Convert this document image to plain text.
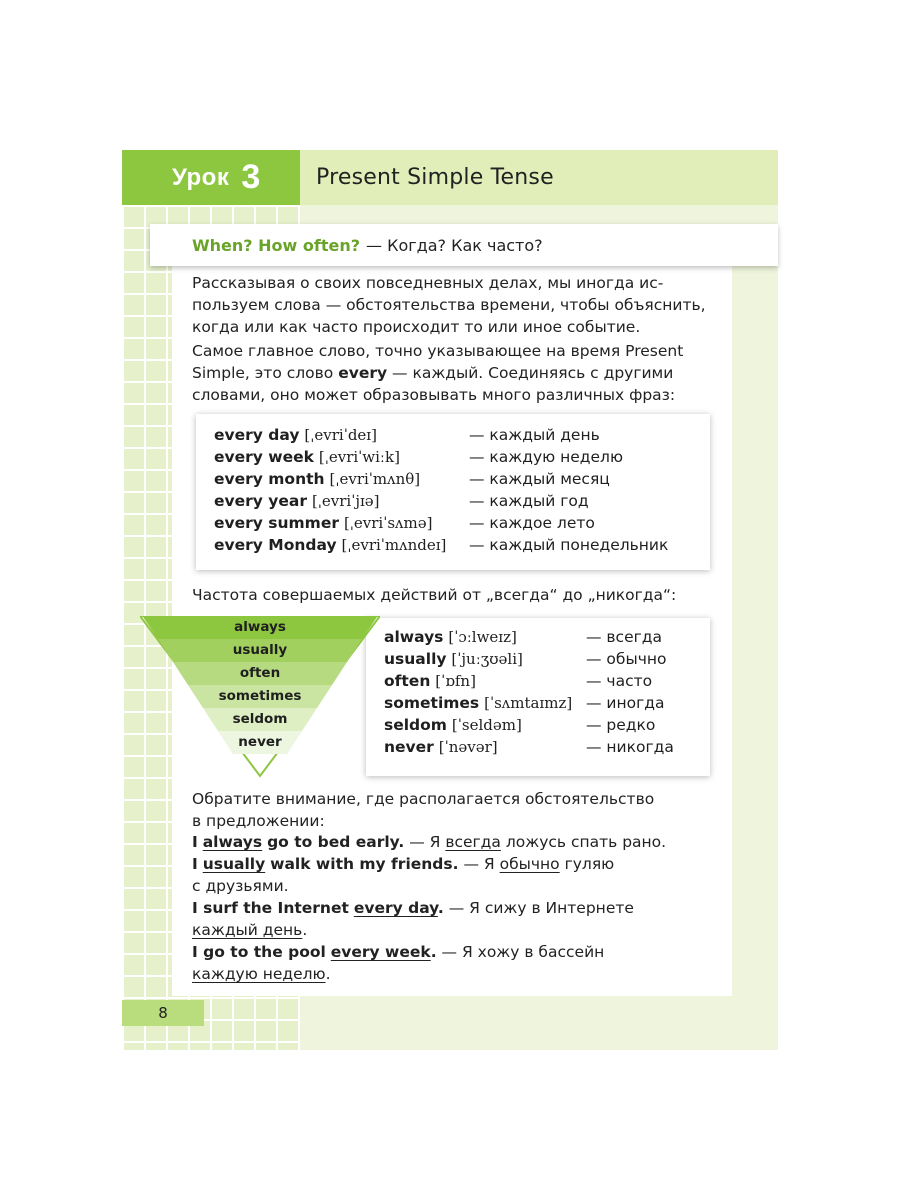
Урок 3	Present Simple Tense
When? How often? — Когда? Как часто?
Рассказывая о своих повседневных делах, мы иногда ис-
пользуем слова — обстоятельства времени, чтобы объяснить,
когда или как часто происходит то или иное событие.
Самое главное слово, точно указывающее на время Present
Simple, это слово every — каждый. Соединяясь с другими
словами, оно может образовывать много различных фраз:
every day [ˌevriˈdeɪ]	— каждый день
every week [ˌevriˈwiːk]	— каждую неделю
every month [ˌevriˈmʌnθ]	— каждый месяц
every year [ˌevriˈjɪə]	— каждый год
every summer [ˌevriˈsʌmə] — каждое лето
every Monday [ˌevriˈmʌndeɪ] — каждый понедельник
Частота совершаемых действий от „всегда“ до „никогда“:
always [ˈɔːlweɪz]	— всегда
usually [ˈjuːʒʊəli]	— обычно
often [ˈɒfn]	— часто
sometimes [ˈsʌmtaɪmz] — иногда
seldom [ˈseldəm]	— редко
never [ˈnəvər]	— никогда
always
usually
often
sometimes
seldom
never
Обратите внимание, где располагается обстоятельство
в предложении:
I always go to bed early. — Я всегда ложусь спать рано.
I usually walk with my friends. — Я обычно гуляю
с друзьями.
I surf the Internet every day. — Я сижу в Интернете
каждый день.
I go to the pool every week. — Я хожу в бассейн
каждую неделю.
8
